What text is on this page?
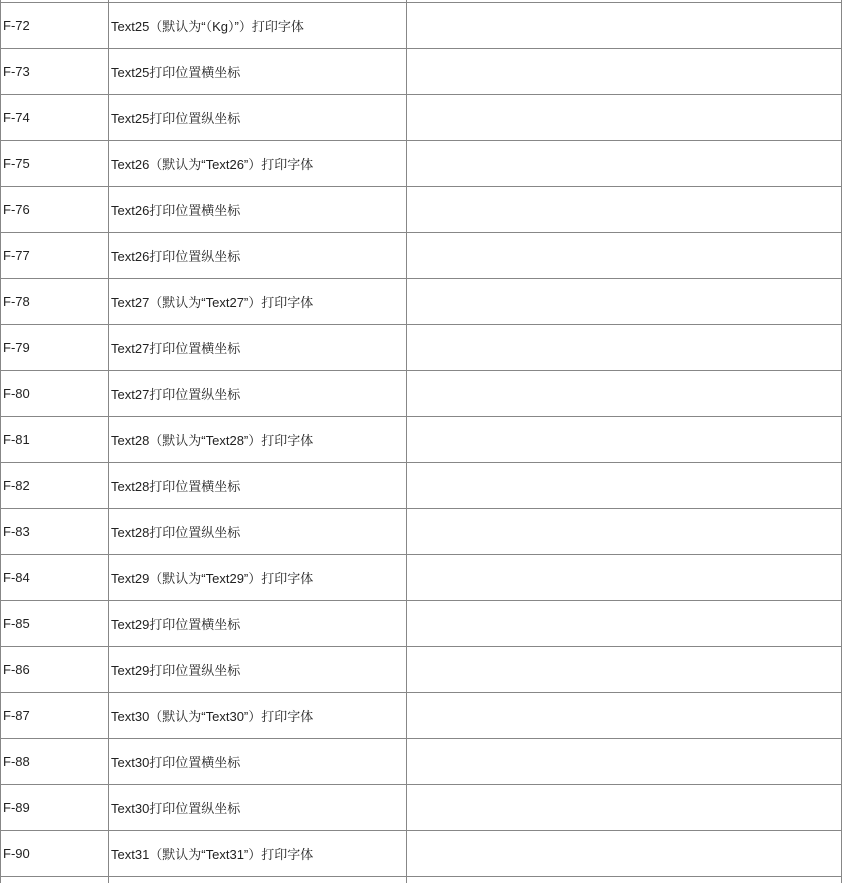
F-72	Text25（默认为“（Kg）”）打印字体	
F-73	Text25打印位置横坐标	
F-74	Text25打印位置纵坐标	
F-75	Text26（默认为“Text26”）打印字体	
F-76	Text26打印位置横坐标	
F-77	Text26打印位置纵坐标	
F-78	Text27（默认为“Text27”）打印字体	
F-79	Text27打印位置横坐标	
F-80	Text27打印位置纵坐标	
F-81	Text28（默认为“Text28”）打印字体	
F-82	Text28打印位置横坐标	
F-83	Text28打印位置纵坐标	
F-84	Text29（默认为“Text29”）打印字体	
F-85	Text29打印位置横坐标	
F-86	Text29打印位置纵坐标	
F-87	Text30（默认为“Text30”）打印字体	
F-88	Text30打印位置横坐标	
F-89	Text30打印位置纵坐标	
F-90	Text31（默认为“Text31”）打印字体	
